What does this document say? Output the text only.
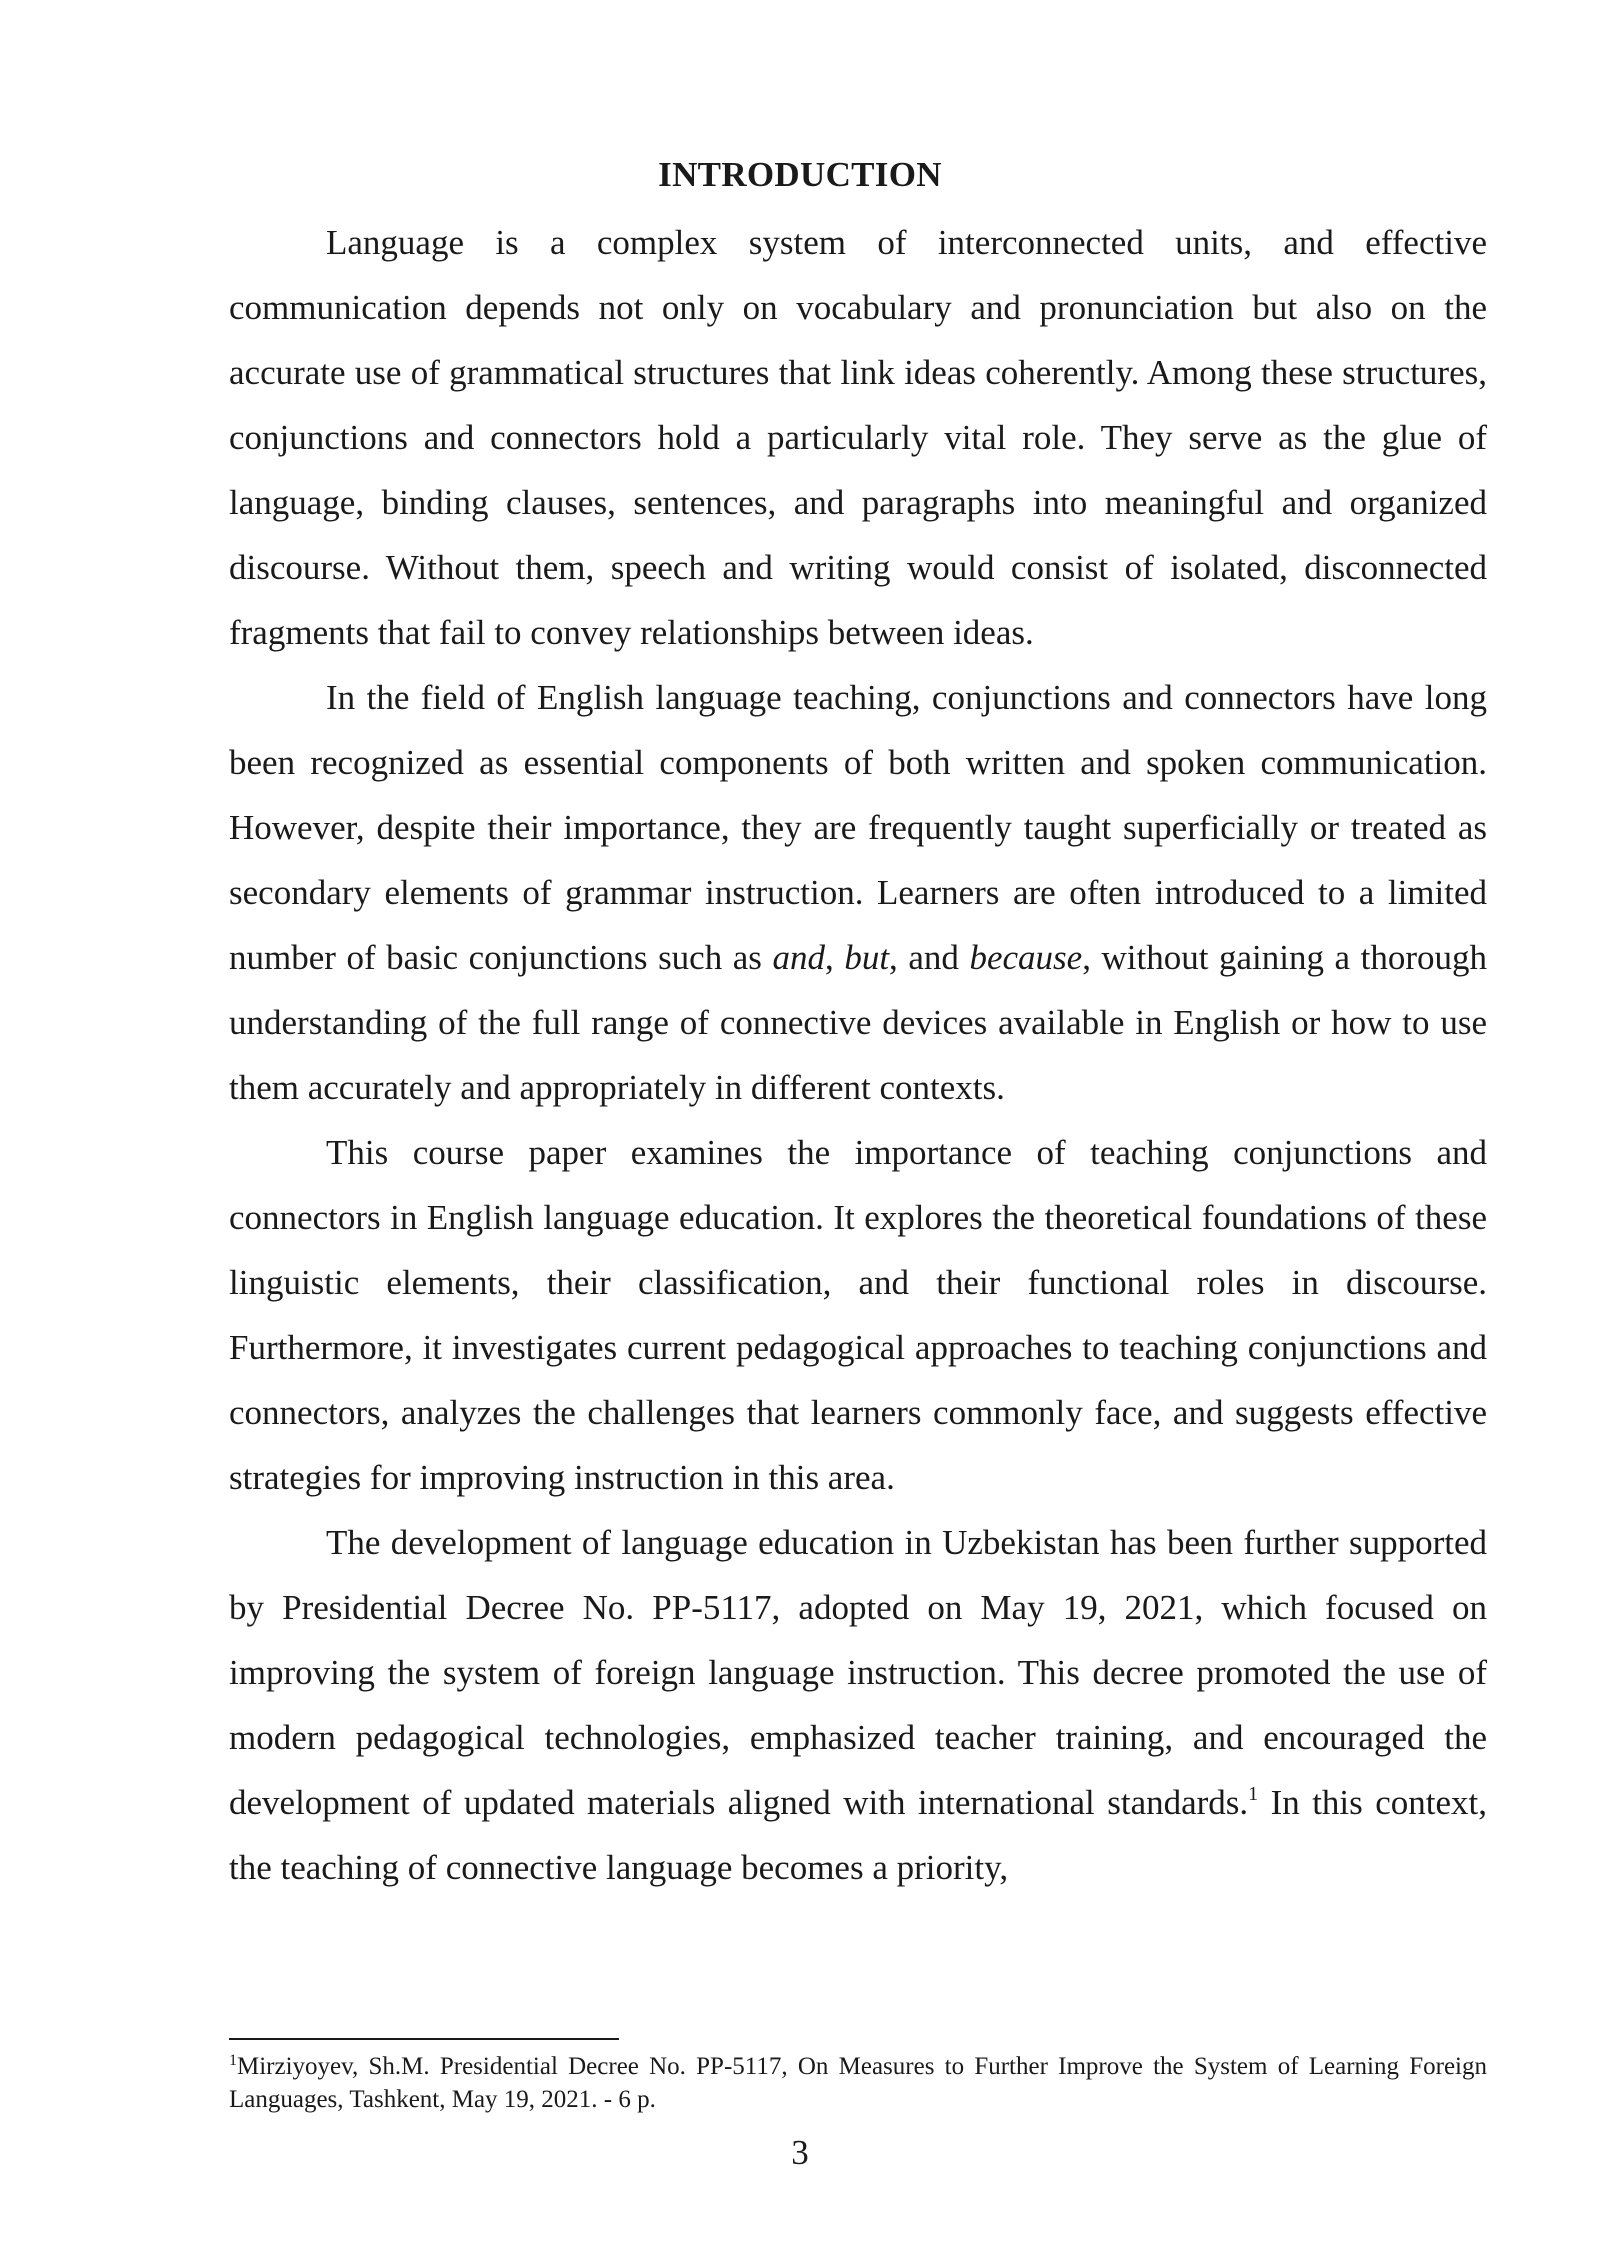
INTRODUCTION

Language is a complex system of interconnected units, and effective communication depends not only on vocabulary and pronunciation but also on the accurate use of grammatical structures that link ideas coherently. Among these structures, conjunctions and connectors hold a particularly vital role. They serve as the glue of language, binding clauses, sentences, and paragraphs into meaningful and organized discourse. Without them, speech and writing would consist of isolated, disconnected fragments that fail to convey relationships between ideas.

In the field of English language teaching, conjunctions and connectors have long been recognized as essential components of both written and spoken communication. However, despite their importance, they are frequently taught superficially or treated as secondary elements of grammar instruction. Learners are often introduced to a limited number of basic conjunctions such as and, but, and because, without gaining a thorough understanding of the full range of connective devices available in English or how to use them accurately and appropriately in different contexts.

This course paper examines the importance of teaching conjunctions and connectors in English language education. It explores the theoretical foundations of these linguistic elements, their classification, and their functional roles in discourse. Furthermore, it investigates current pedagogical approaches to teaching conjunctions and connectors, analyzes the challenges that learners commonly face, and suggests effective strategies for improving instruction in this area.

The development of language education in Uzbekistan has been further supported by Presidential Decree No. PP-5117, adopted on May 19, 2021, which focused on improving the system of foreign language instruction. This decree promoted the use of modern pedagogical technologies, emphasized teacher training, and encouraged the development of updated materials aligned with international standards.$^1$ In this context, the teaching of connective language becomes a priority,

$^1$Mirziyoyev, Sh.M. Presidential Decree No. PP-5117, On Measures to Further Improve the System of Learning Foreign Languages, Tashkent, May 19, 2021. - 6 p.
3
